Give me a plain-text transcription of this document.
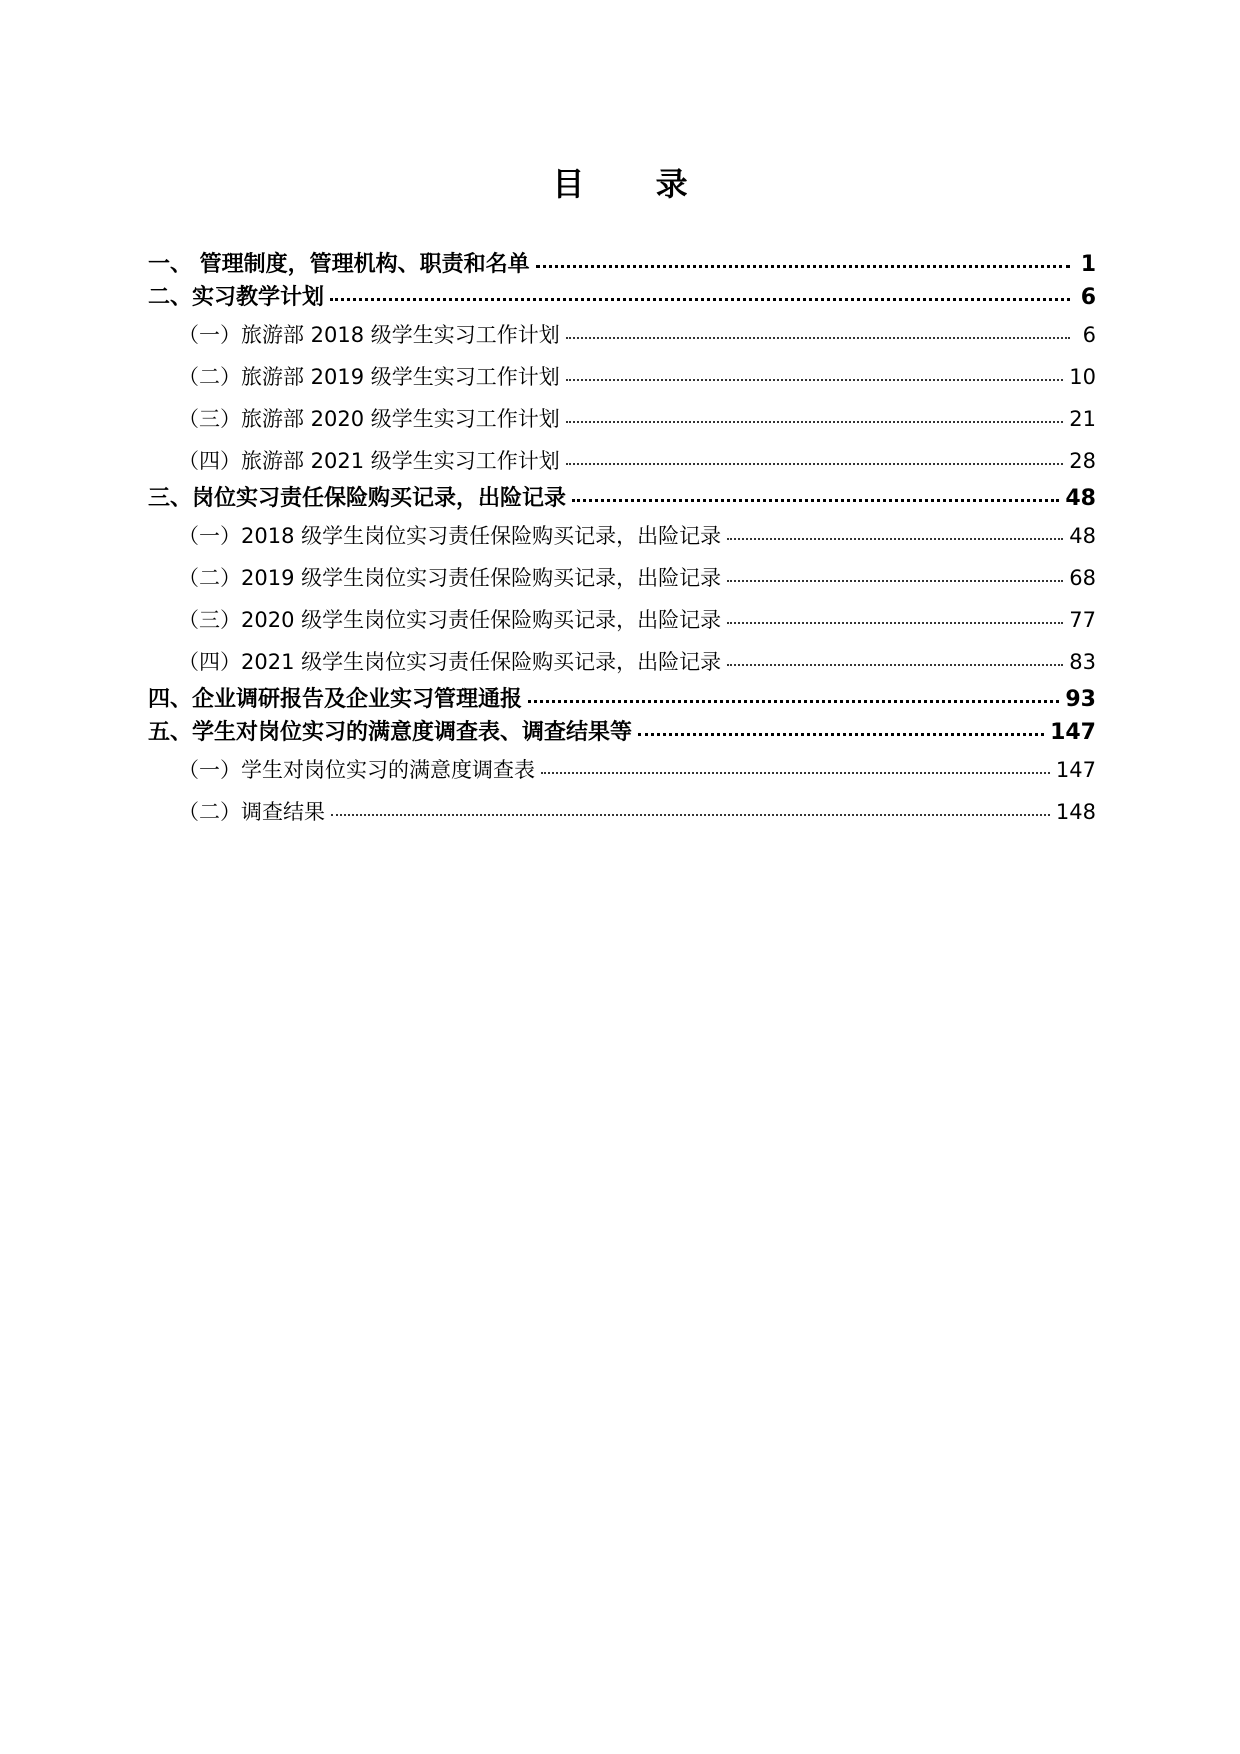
目 录
一、 管理制度，管理机构、职责和名单	1
二、实习教学计划	6
（一）旅游部 2018 级学生实习工作计划	6
（二）旅游部 2019 级学生实习工作计划	10
（三）旅游部 2020 级学生实习工作计划	21
（四）旅游部 2021 级学生实习工作计划	28
三、岗位实习责任保险购买记录，出险记录	48
（一）2018 级学生岗位实习责任保险购买记录，出险记录	48
（二）2019 级学生岗位实习责任保险购买记录，出险记录	68
（三）2020 级学生岗位实习责任保险购买记录，出险记录	77
（四）2021 级学生岗位实习责任保险购买记录，出险记录	83
四、企业调研报告及企业实习管理通报	93
五、学生对岗位实习的满意度调查表、调查结果等	147
（一）学生对岗位实习的满意度调查表	147
（二）调查结果	148
